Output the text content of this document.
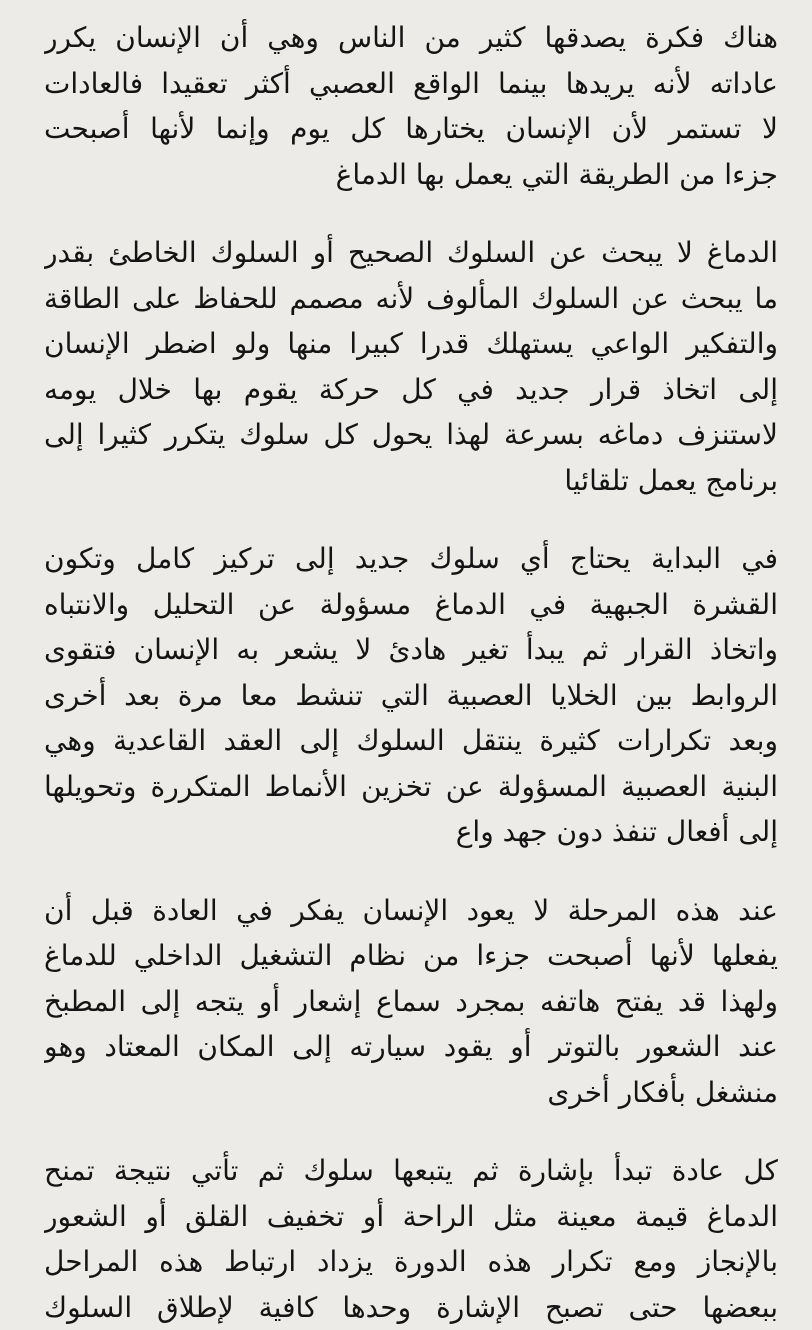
هناك فكرة يصدقها كثير من الناس وهي أن الإنسان يكرر
عاداته لأنه يريدها بينما الواقع العصبي أكثر تعقيدا فالعادات
لا تستمر لأن الإنسان يختارها كل يوم وإنما لأنها أصبحت
جزءا من الطريقة التي يعمل بها الدماغ

الدماغ لا يبحث عن السلوك الصحيح أو السلوك الخاطئ بقدر
ما يبحث عن السلوك المألوف لأنه مصمم للحفاظ على الطاقة
والتفكير الواعي يستهلك قدرا كبيرا منها ولو اضطر الإنسان
إلى اتخاذ قرار جديد في كل حركة يقوم بها خلال يومه
لاستنزف دماغه بسرعة لهذا يحول كل سلوك يتكرر كثيرا إلى
برنامج يعمل تلقائيا

في البداية يحتاج أي سلوك جديد إلى تركيز كامل وتكون
القشرة الجبهية في الدماغ مسؤولة عن التحليل والانتباه
واتخاذ القرار ثم يبدأ تغير هادئ لا يشعر به الإنسان فتقوى
الروابط بين الخلايا العصبية التي تنشط معا مرة بعد أخرى
وبعد تكرارات كثيرة ينتقل السلوك إلى العقد القاعدية وهي
البنية العصبية المسؤولة عن تخزين الأنماط المتكررة وتحويلها
إلى أفعال تنفذ دون جهد واع

عند هذه المرحلة لا يعود الإنسان يفكر في العادة قبل أن
يفعلها لأنها أصبحت جزءا من نظام التشغيل الداخلي للدماغ
ولهذا قد يفتح هاتفه بمجرد سماع إشعار أو يتجه إلى المطبخ
عند الشعور بالتوتر أو يقود سيارته إلى المكان المعتاد وهو
منشغل بأفكار أخرى

كل عادة تبدأ بإشارة ثم يتبعها سلوك ثم تأتي نتيجة تمنح
الدماغ قيمة معينة مثل الراحة أو تخفيف القلق أو الشعور
بالإنجاز ومع تكرار هذه الدورة يزداد ارتباط هذه المراحل
ببعضها حتى تصبح الإشارة وحدها كافية لإطلاق السلوك
